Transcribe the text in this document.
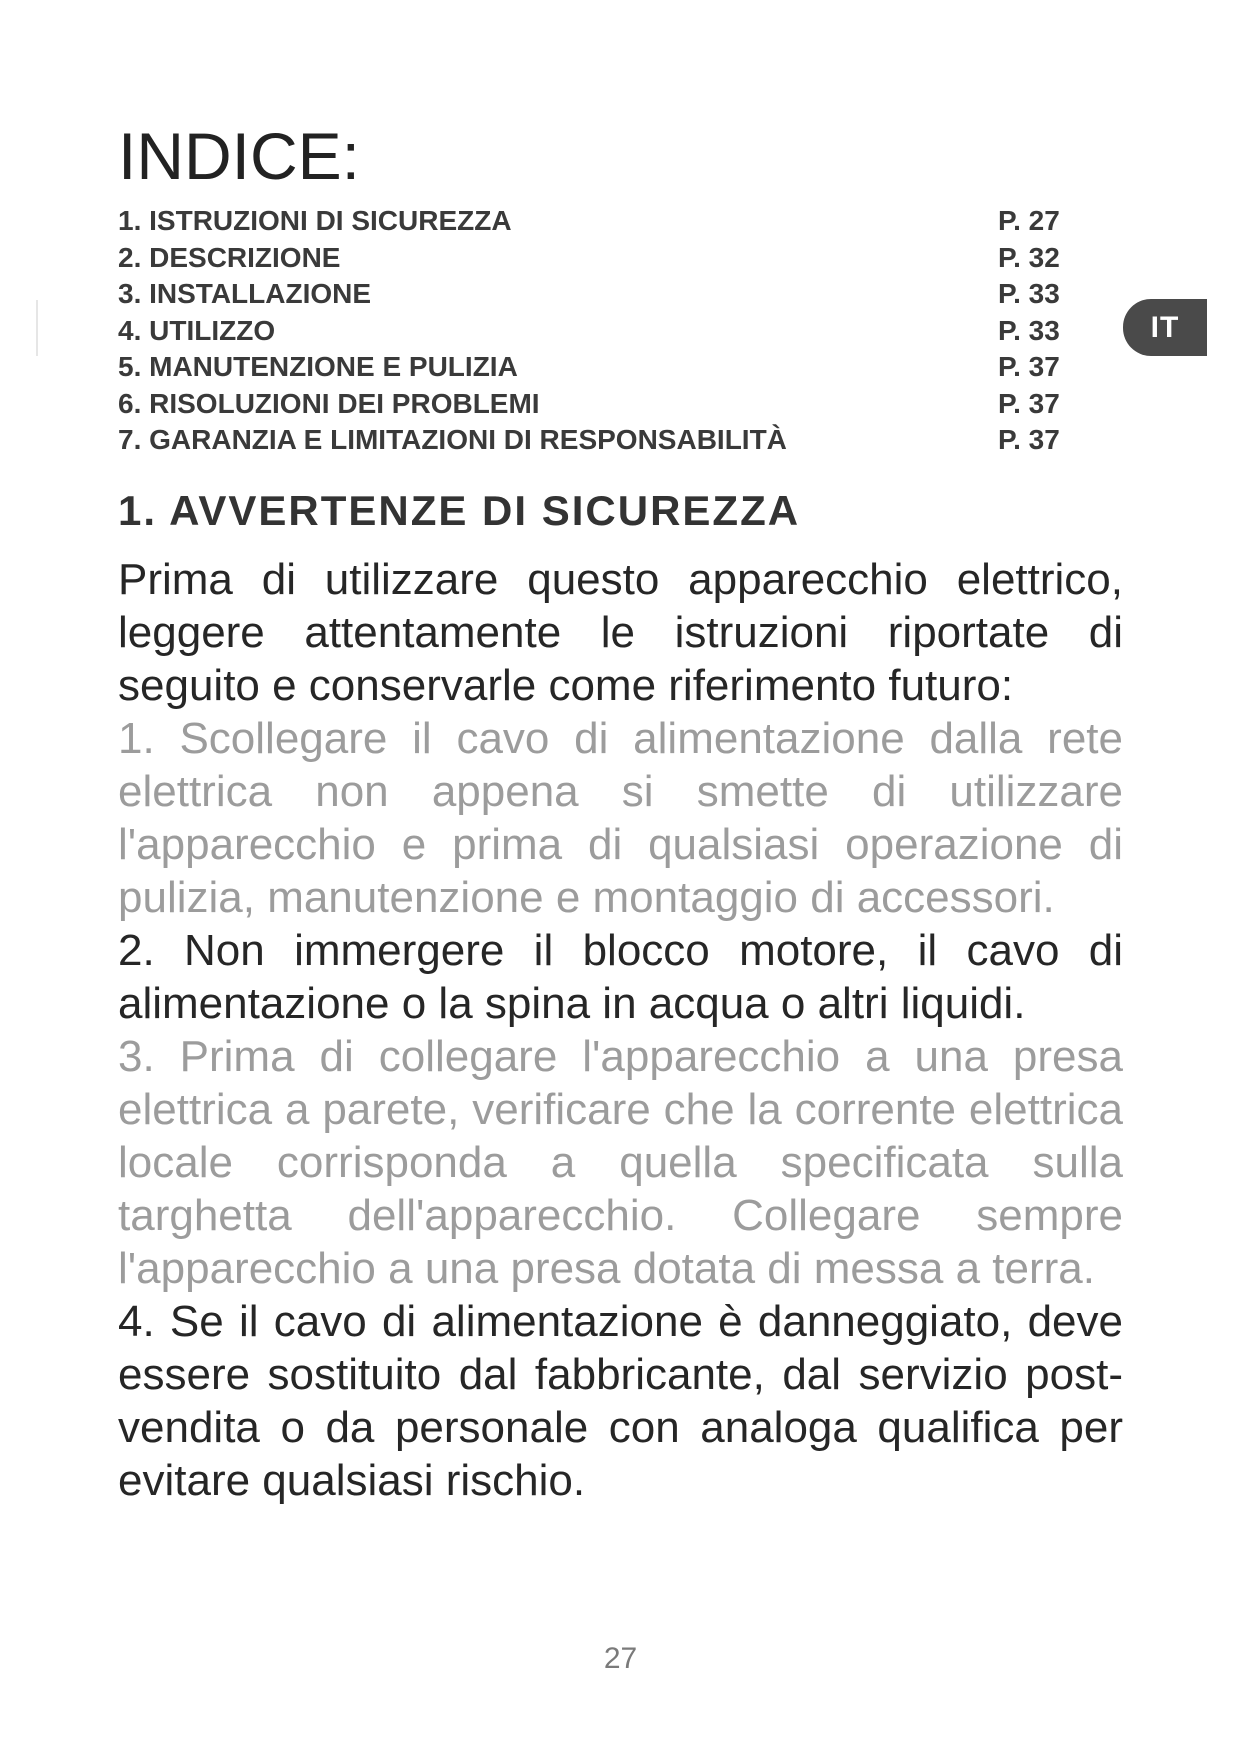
INDICE:
1. ISTRUZIONI DI SICUREZZA	P. 27
2. DESCRIZIONE	P. 32
3. INSTALLAZIONE	P. 33
4. UTILIZZO	P. 33
5. MANUTENZIONE E PULIZIA	P. 37
6. RISOLUZIONI DEI PROBLEMI	P. 37
7. GARANZIA E LIMITAZIONI DI RESPONSABILITÀ	P. 37
IT
1. AVVERTENZE DI SICUREZZA

Prima di utilizzare questo apparecchio elettrico, leggere attentamente le istruzioni riportate di seguito e conservarle come riferimento futuro:

1. Scollegare il cavo di alimentazione dalla rete elettrica non appena si smette di utilizzare l'apparecchio e prima di qualsiasi operazione di pulizia, manutenzione e montaggio di accessori.

2. Non immergere il blocco motore, il cavo di alimentazione o la spina in acqua o altri liquidi.

3. Prima di collegare l'apparecchio a una presa elettrica a parete, verificare che la corrente elettrica locale corrisponda a quella specificata sulla targhetta dell'apparecchio. Collegare sempre l'apparecchio a una presa dotata di messa a terra.

4. Se il cavo di alimentazione è danneggiato, deve essere sostituito dal fabbricante, dal servizio post-vendita o da personale con analoga qualifica per evitare qualsiasi rischio.

27
